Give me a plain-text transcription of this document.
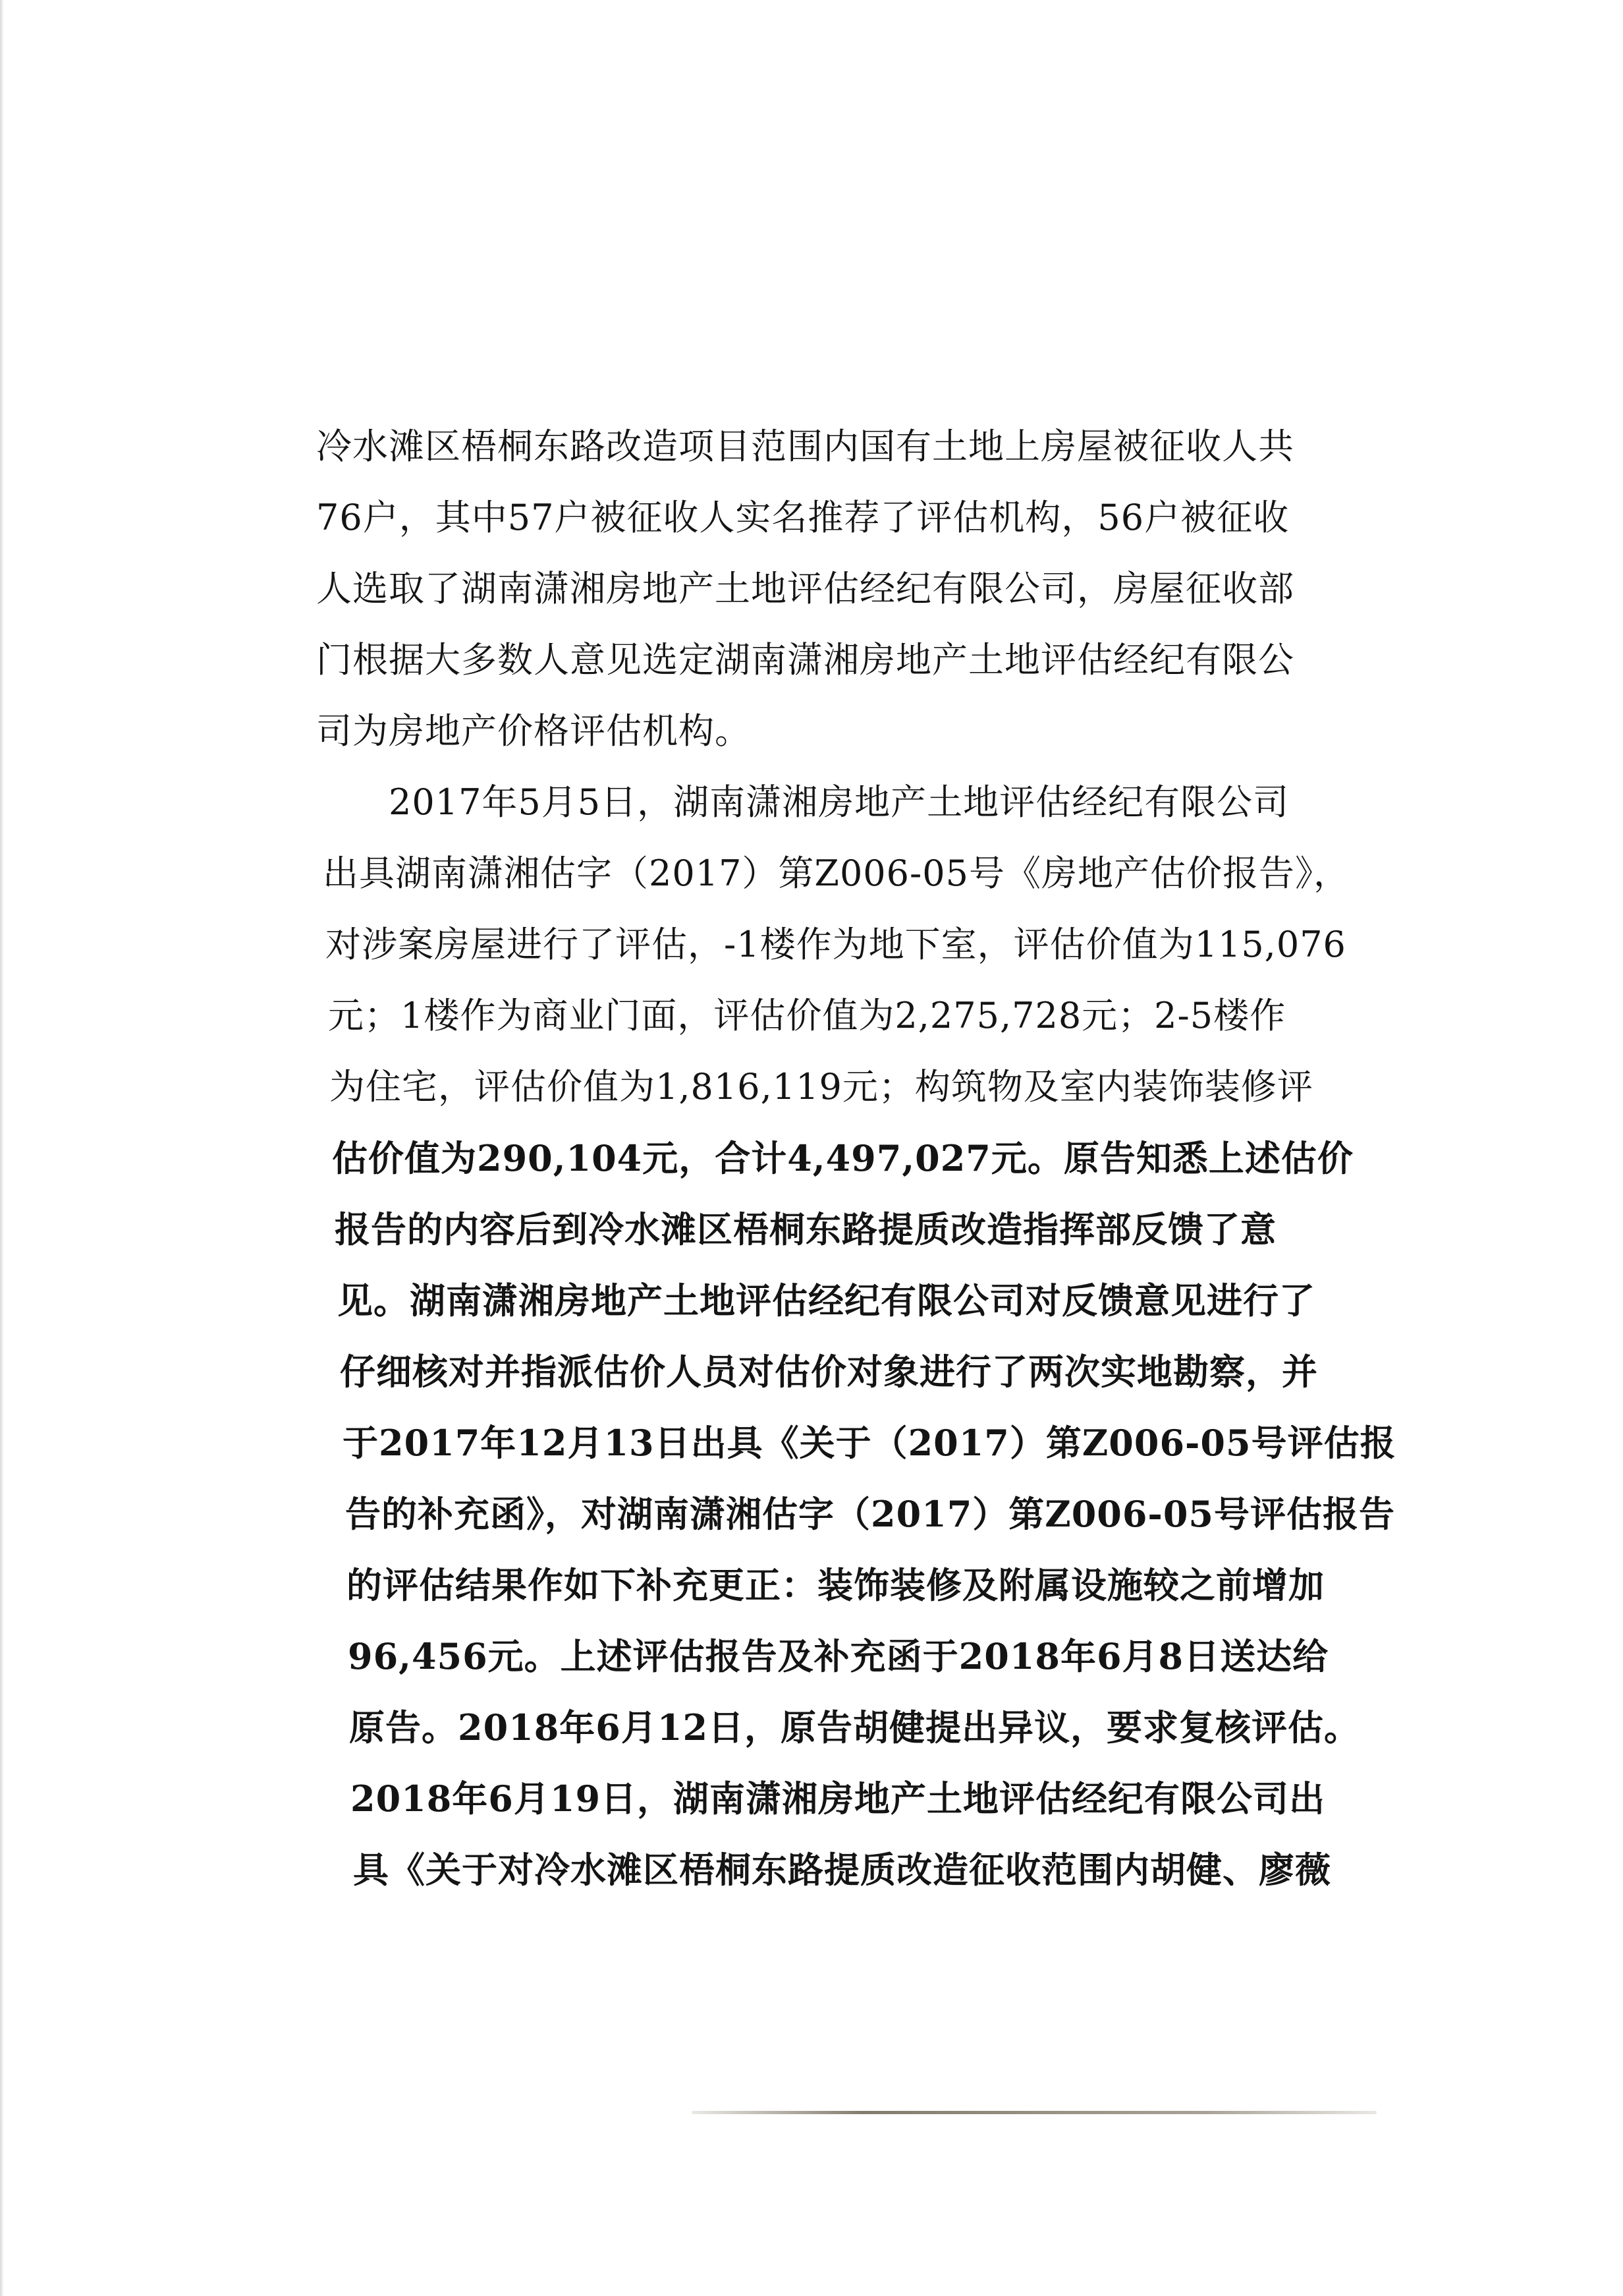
冷水滩区梧桐东路改造项目范围内国有土地上房屋被征收人共
76户，其中57户被征收人实名推荐了评估机构，56户被征收
人选取了湖南潇湘房地产土地评估经纪有限公司，房屋征收部
门根据大多数人意见选定湖南潇湘房地产土地评估经纪有限公
司为房地产价格评估机构。
2017年5月5日，湖南潇湘房地产土地评估经纪有限公司
出具湖南潇湘估字（2017）第Z006-05号《房地产估价报告》，
对涉案房屋进行了评估，-1楼作为地下室，评估价值为115,076
元；1楼作为商业门面，评估价值为2,275,728元；2-5楼作
为住宅，评估价值为1,816,119元；构筑物及室内装饰装修评
估价值为290,104元，合计4,497,027元。原告知悉上述估价
报告的内容后到冷水滩区梧桐东路提质改造指挥部反馈了意
见。湖南潇湘房地产土地评估经纪有限公司对反馈意见进行了
仔细核对并指派估价人员对估价对象进行了两次实地勘察，并
于2017年12月13日出具《关于（2017）第Z006-05号评估报
告的补充函》，对湖南潇湘估字（2017）第Z006-05号评估报告
的评估结果作如下补充更正：装饰装修及附属设施较之前增加
96,456元。上述评估报告及补充函于2018年6月8日送达给
原告。2018年6月12日，原告胡健提出异议，要求复核评估。
2018年6月19日，湖南潇湘房地产土地评估经纪有限公司出
具《关于对冷水滩区梧桐东路提质改造征收范围内胡健、廖薇
